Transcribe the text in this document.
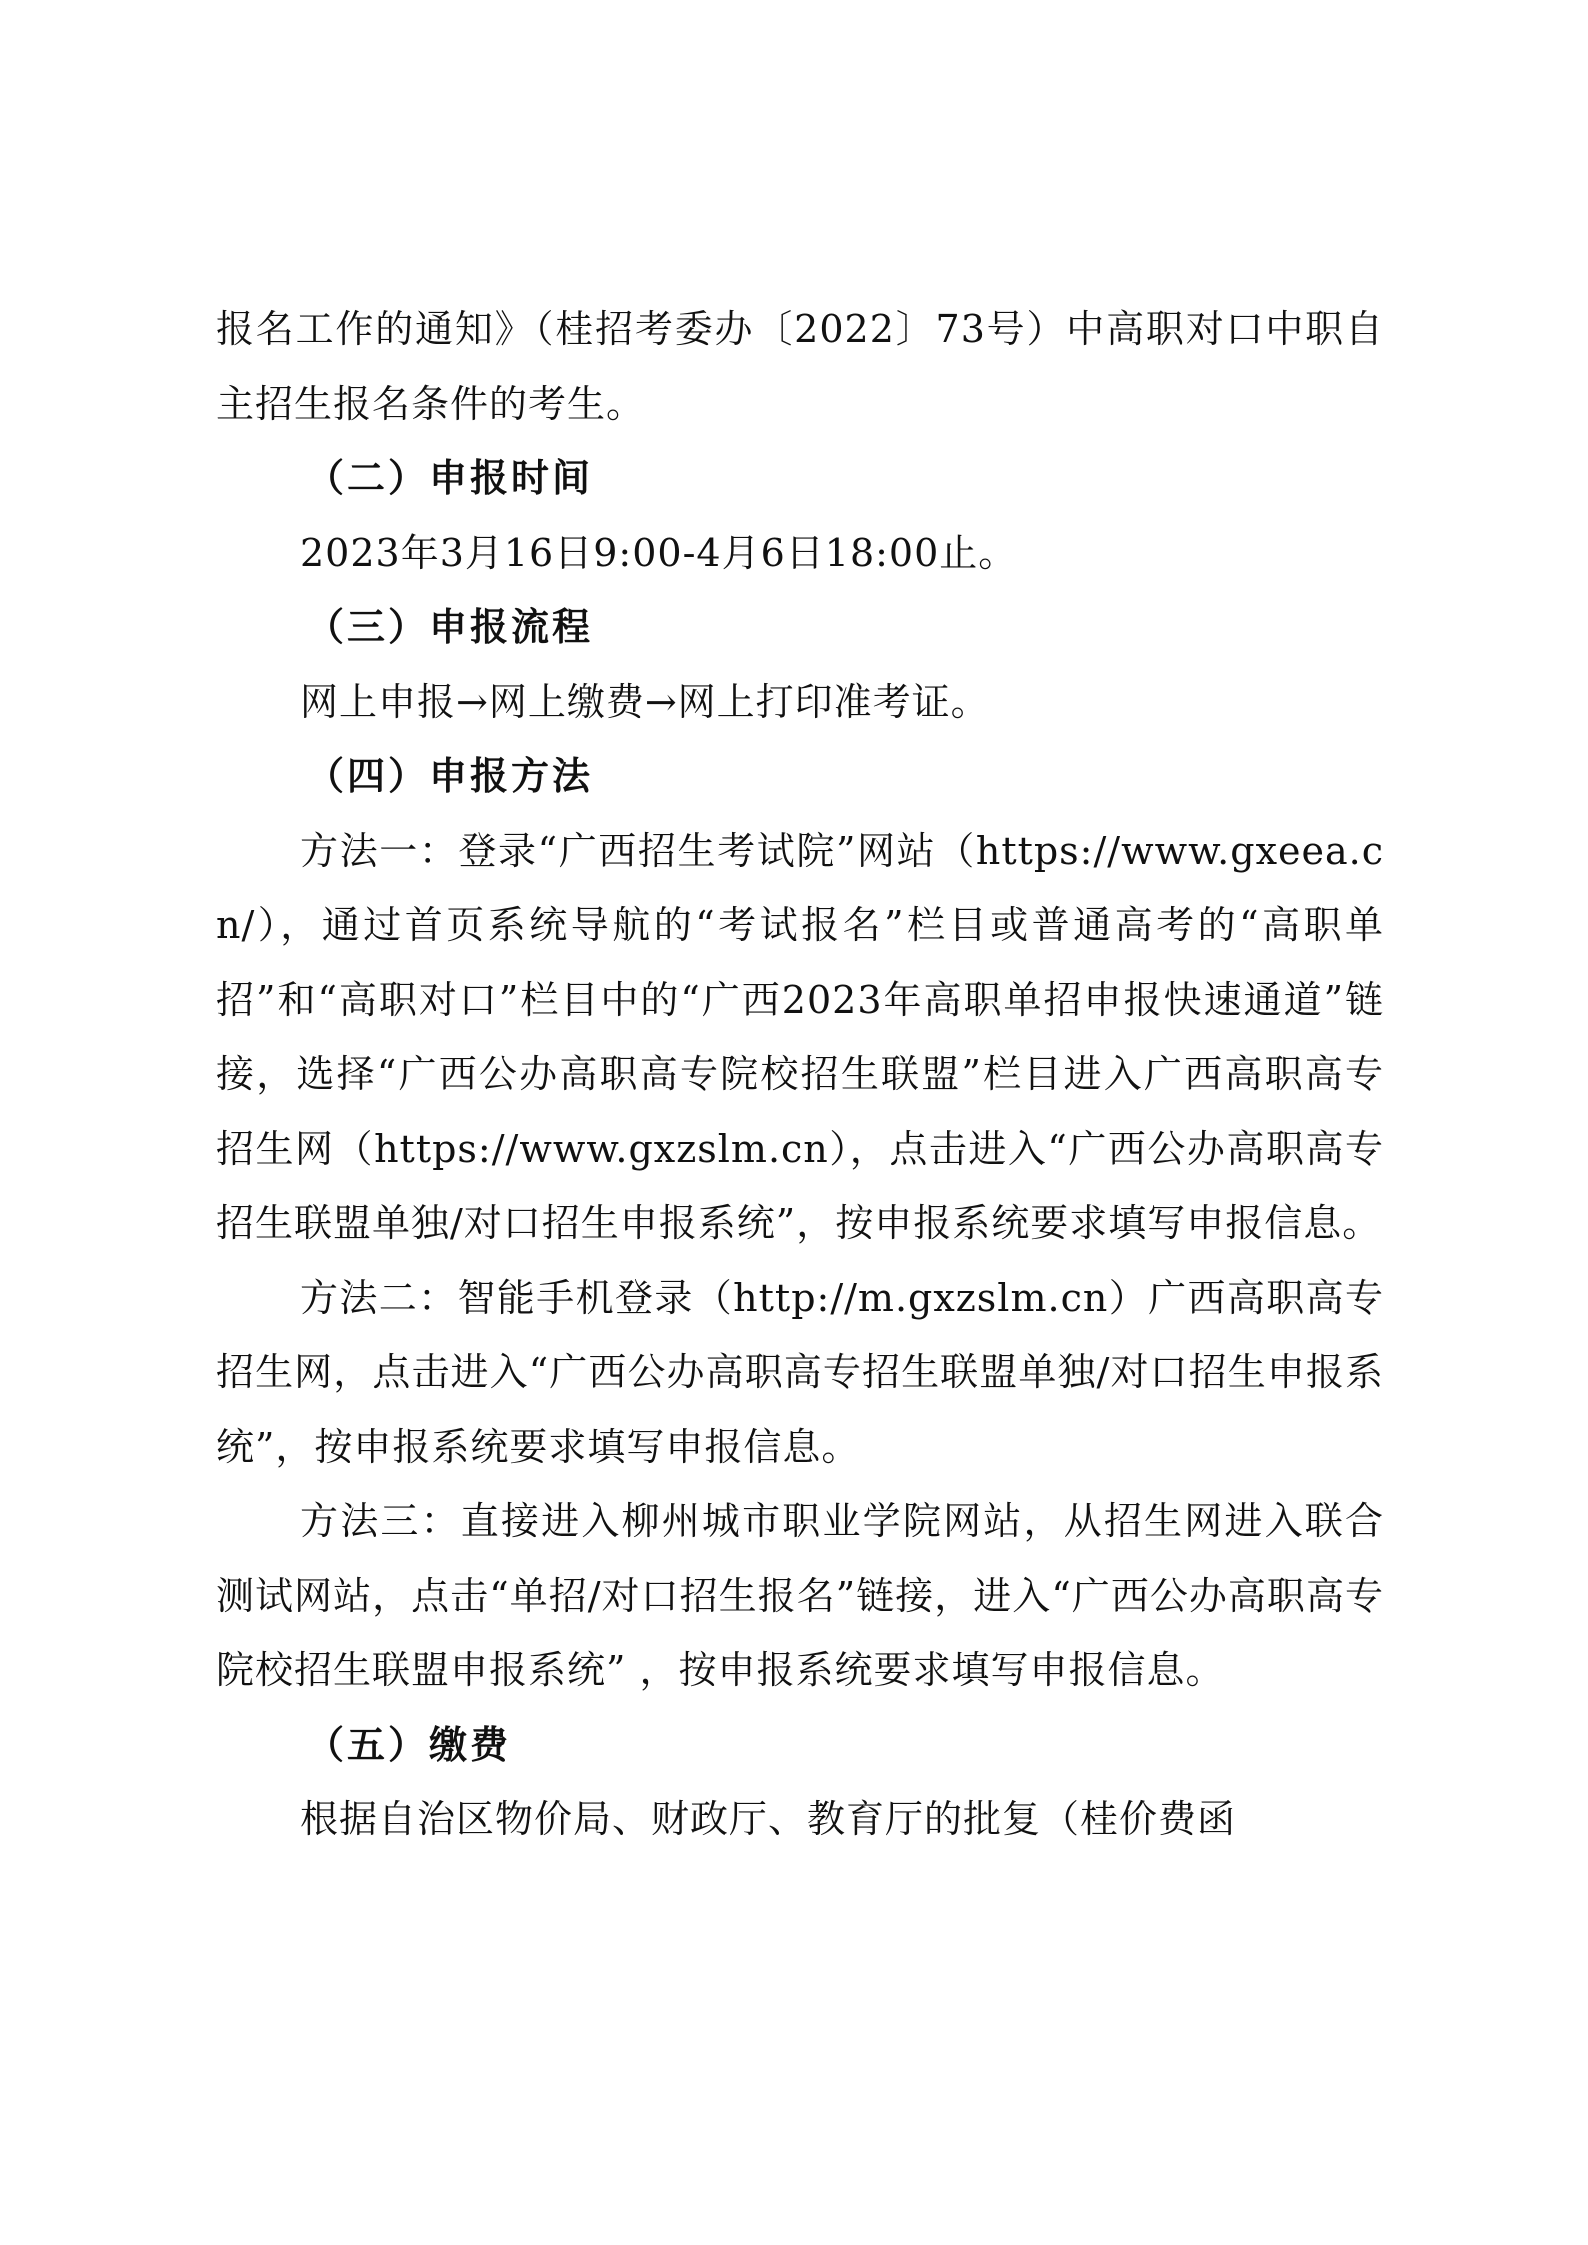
报名工作的通知》（桂招考委办〔2022〕73号）中高职对口中职自主招生报名条件的考生。

（二）申报时间

2023年3月16日9:00-4月6日18:00止。

（三）申报流程

网上申报→网上缴费→网上打印准考证。

（四）申报方法

方法一：登录“广西招生考试院”网站（https://www.gxeea.cn/），通过首页系统导航的“考试报名”栏目或普通高考的“高职单招”和“高职对口”栏目中的“广西2023年高职单招申报快速通道”链接，选择“广西公办高职高专院校招生联盟”栏目进入广西高职高专招生网（https://www.gxzslm.cn），点击进入“广西公办高职高专招生联盟单独/对口招生申报系统”，按申报系统要求填写申报信息。

方法二：智能手机登录（http://m.gxzslm.cn）广西高职高专招生网，点击进入“广西公办高职高专招生联盟单独/对口招生申报系统”，按申报系统要求填写申报信息。

方法三：直接进入柳州城市职业学院网站，从招生网进入联合测试网站，点击“单招/对口招生报名”链接，进入“广西公办高职高专院校招生联盟申报系统” ，按申报系统要求填写申报信息。

（五）缴费

根据自治区物价局、财政厅、教育厅的批复（桂价费函
